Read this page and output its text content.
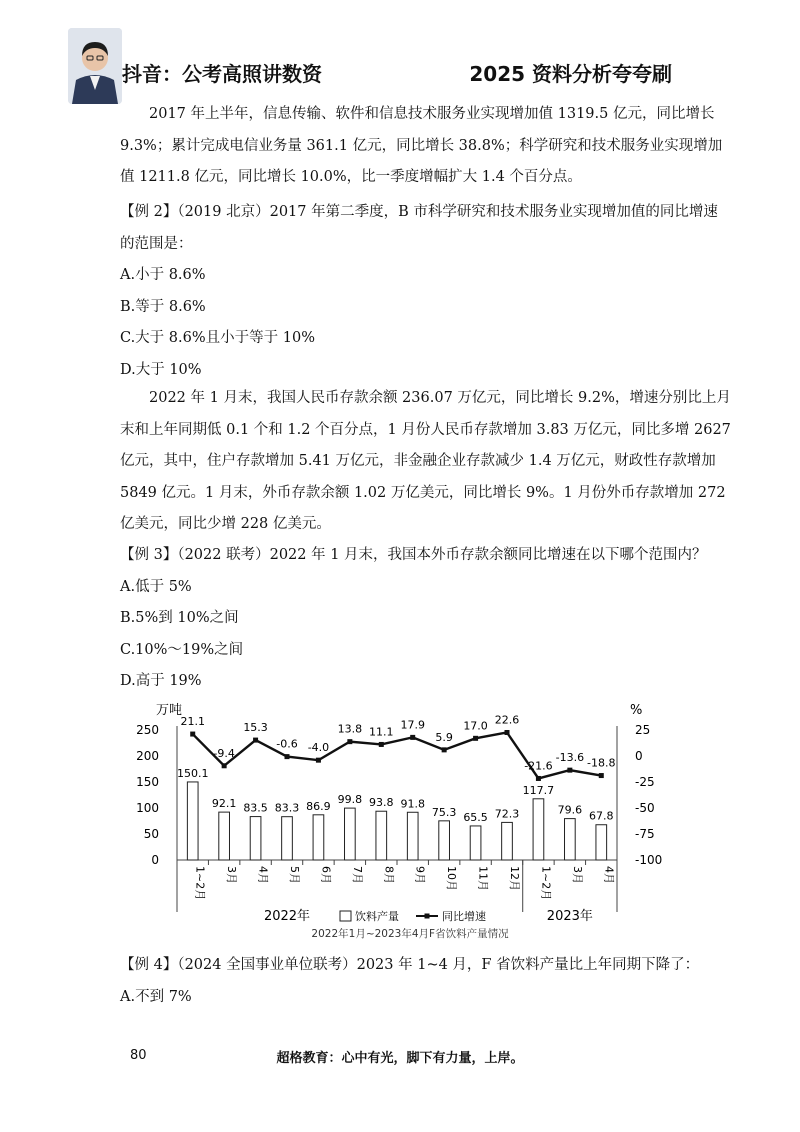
抖音：公考高照讲数资	2025 资料分析夸夸刷

2017 年上半年，信息传输、软件和信息技术服务业实现增加值 1319.5 亿元，同比增长

9.3%；累计完成电信业务量 361.1 亿元，同比增长 38.8%；科学研究和技术服务业实现增加

值 1211.8 亿元，同比增长 10.0%，比一季度增幅扩大 1.4 个百分点。

【例 2】（2019 北京）2017 年第二季度，B 市科学研究和技术服务业实现增加值的同比增速

的范围是：

A.小于 8.6%

B.等于 8.6%

C.大于 8.6%且小于等于 10%

D.大于 10%

2022 年 1 月末，我国人民币存款余额 236.07 万亿元，同比增长 9.2%，增速分别比上月

末和上年同期低 0.1 个和 1.2 个百分点，1 月份人民币存款增加 3.83 万亿元，同比多增 2627

亿元，其中，住户存款增加 5.41 万亿元，非金融企业存款减少 1.4 万亿元，财政性存款增加

5849 亿元。1 月末，外币存款余额 1.02 万亿美元，同比增长 9%。1 月份外币存款增加 272

亿美元，同比少增 228 亿美元。

【例 3】（2022 联考）2022 年 1 月末，我国本外币存款余额同比增速在以下哪个范围内？

A.低于 5%

B.5%到 10%之间

C.10%～19%之间

D.高于 19%

万吨	%
0
50
100
150
200
250	25
0
-25
-50
-75
-100
150.1
92.1 83.5 83.3 86.9
99.8 93.8 91.8
75.3 65.5 72.3
117.7
79.6 67.8
21.1
-9.4
15.3
-0.6 -4.0
13.8 11.1
17.9
5.9
17.0 22.6
-21.6
-13.6 -18.8
1~2月 3月 4月 5月 6月 7月 8月 9月 10月 11月 12月 1~2月 3月 4月
2022年	2023年
饮料产量	同比增速
2022年1月~2023年4月F省饮料产量情况

【例 4】（2024 全国事业单位联考）2023 年 1~4 月，F 省饮料产量比上年同期下降了：

A.不到 7%

80	超格教育：心中有光，脚下有力量，上岸。
